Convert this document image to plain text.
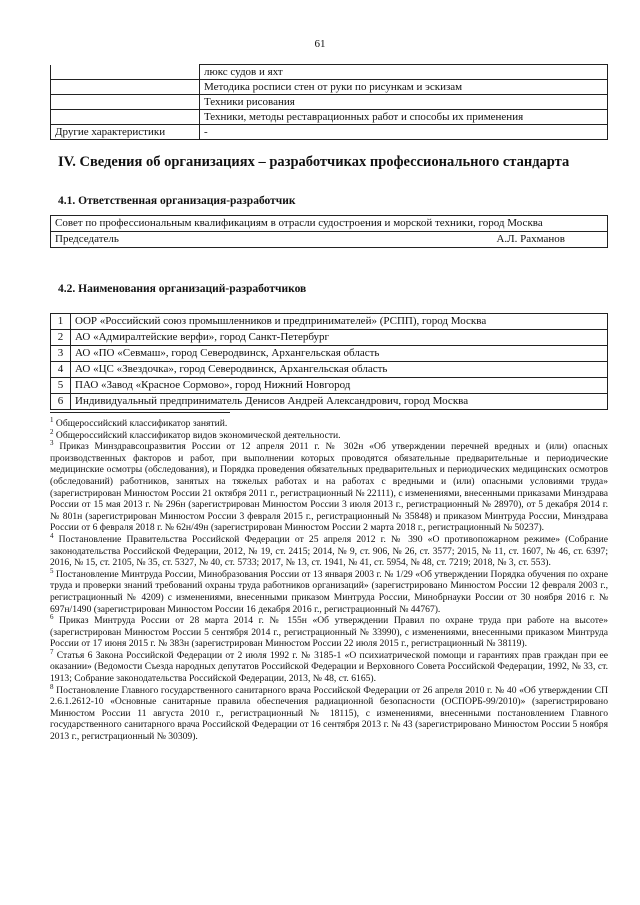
61
	люкс судов и яхт
	Методика росписи стен от руки по рисункам и эскизам
	Техники рисования
	Техники, методы реставрационных работ и способы их применения
Другие характеристики	-
IV. Сведения об организациях – разработчиках профессионального стандарта
4.1. Ответственная организация-разработчик
Совет по профессиональным квалификациям в отрасли судостроения и морской техники, город Москва

Председатель	А.Л. Рахманов
4.2. Наименования организаций-разработчиков
1	ООР «Российский союз промышленников и предпринимателей» (РСПП), город Москва
2	АО «Адмиралтейские верфи», город Санкт-Петербург
3	АО «ПО «Севмаш», город Северодвинск, Архангельская область
4	АО «ЦС «Звездочка», город Северодвинск, Архангельская область
5	ПАО «Завод «Красное Сормово», город Нижний Новгород
6	Индивидуальный предприниматель Денисов Андрей Александрович, город Москва

$^1$ Общероссийский классификатор занятий.

$^2$ Общероссийский классификатор видов экономической деятельности.

$^3$ Приказ Минздравсоцразвития России от 12 апреля 2011 г. № 302н «Об утверждении перечней вредных и (или) опасных производственных факторов и работ, при выполнении которых проводятся обязательные предварительные и периодические медицинские осмотры (обследования), и Порядка проведения обязательных предварительных и периодических медицинских осмотров (обследований) работников, занятых на тяжелых работах и на работах с вредными и (или) опасными условиями труда» (зарегистрирован Минюстом России 21 октября 2011 г., регистрационный № 22111), с изменениями, внесенными приказами Минздрава России от 15 мая 2013 г. № 296н (зарегистрирован Минюстом России 3 июля 2013 г., регистрационный № 28970), от 5 декабря 2014 г. № 801н (зарегистрирован Минюстом России 3 февраля 2015 г., регистрационный № 35848) и приказом Минтруда России, Минздрава России от 6 февраля 2018 г. № 62н/49н (зарегистрирован Минюстом России 2 марта 2018 г., регистрационный № 50237).

$^4$ Постановление Правительства Российской Федерации от 25 апреля 2012 г. № 390 «О противопожарном режиме» (Собрание законодательства Российской Федерации, 2012, № 19, ст. 2415; 2014, № 9, ст. 906, № 26, ст. 3577; 2015, № 11, ст. 1607, № 46, ст. 6397; 2016, № 15, ст. 2105, № 35, ст. 5327, № 40, ст. 5733; 2017, № 13, ст. 1941, № 41, ст. 5954, № 48, ст. 7219; 2018, № 3, ст. 553).

$^5$ Постановление Минтруда России, Минобразования России от 13 января 2003 г. № 1/29 «Об утверждении Порядка обучения по охране труда и проверки знаний требований охраны труда работников организаций» (зарегистрировано Минюстом России 12 февраля 2003 г., регистрационный № 4209) с изменениями, внесенными приказом Минтруда России, Минобрнауки России от 30 ноября 2016 г. № 697н/1490 (зарегистрирован Минюстом России 16 декабря 2016 г., регистрационный № 44767).

$^6$ Приказ Минтруда России от 28 марта 2014 г. № 155н «Об утверждении Правил по охране труда при работе на высоте» (зарегистрирован Минюстом России 5 сентября 2014 г., регистрационный № 33990), с изменениями, внесенными приказом Минтруда России от 17 июня 2015 г. № 383н (зарегистрирован Минюстом России 22 июля 2015 г., регистрационный № 38119).

$^7$ Статья 6 Закона Российской Федерации от 2 июля 1992 г. № 3185-1 «О психиатрической помощи и гарантиях прав граждан при ее оказании» (Ведомости Съезда народных депутатов Российской Федерации и Верховного Совета Российской Федерации, 1992, № 33, ст. 1913; Собрание законодательства Российской Федерации, 2013, № 48, ст. 6165).

$^8$ Постановление Главного государственного санитарного врача Российской Федерации от 26 апреля 2010 г. № 40 «Об утверждении СП 2.6.1.2612-10 «Основные санитарные правила обеспечения радиационной безопасности (ОСПОРБ-99/2010)» (зарегистрировано Минюстом России 11 августа 2010 г., регистрационный № 18115), с изменениями, внесенными постановлением Главного государственного санитарного врача Российской Федерации от 16 сентября 2013 г. № 43 (зарегистрировано Минюстом России 5 ноября 2013 г., регистрационный № 30309).
